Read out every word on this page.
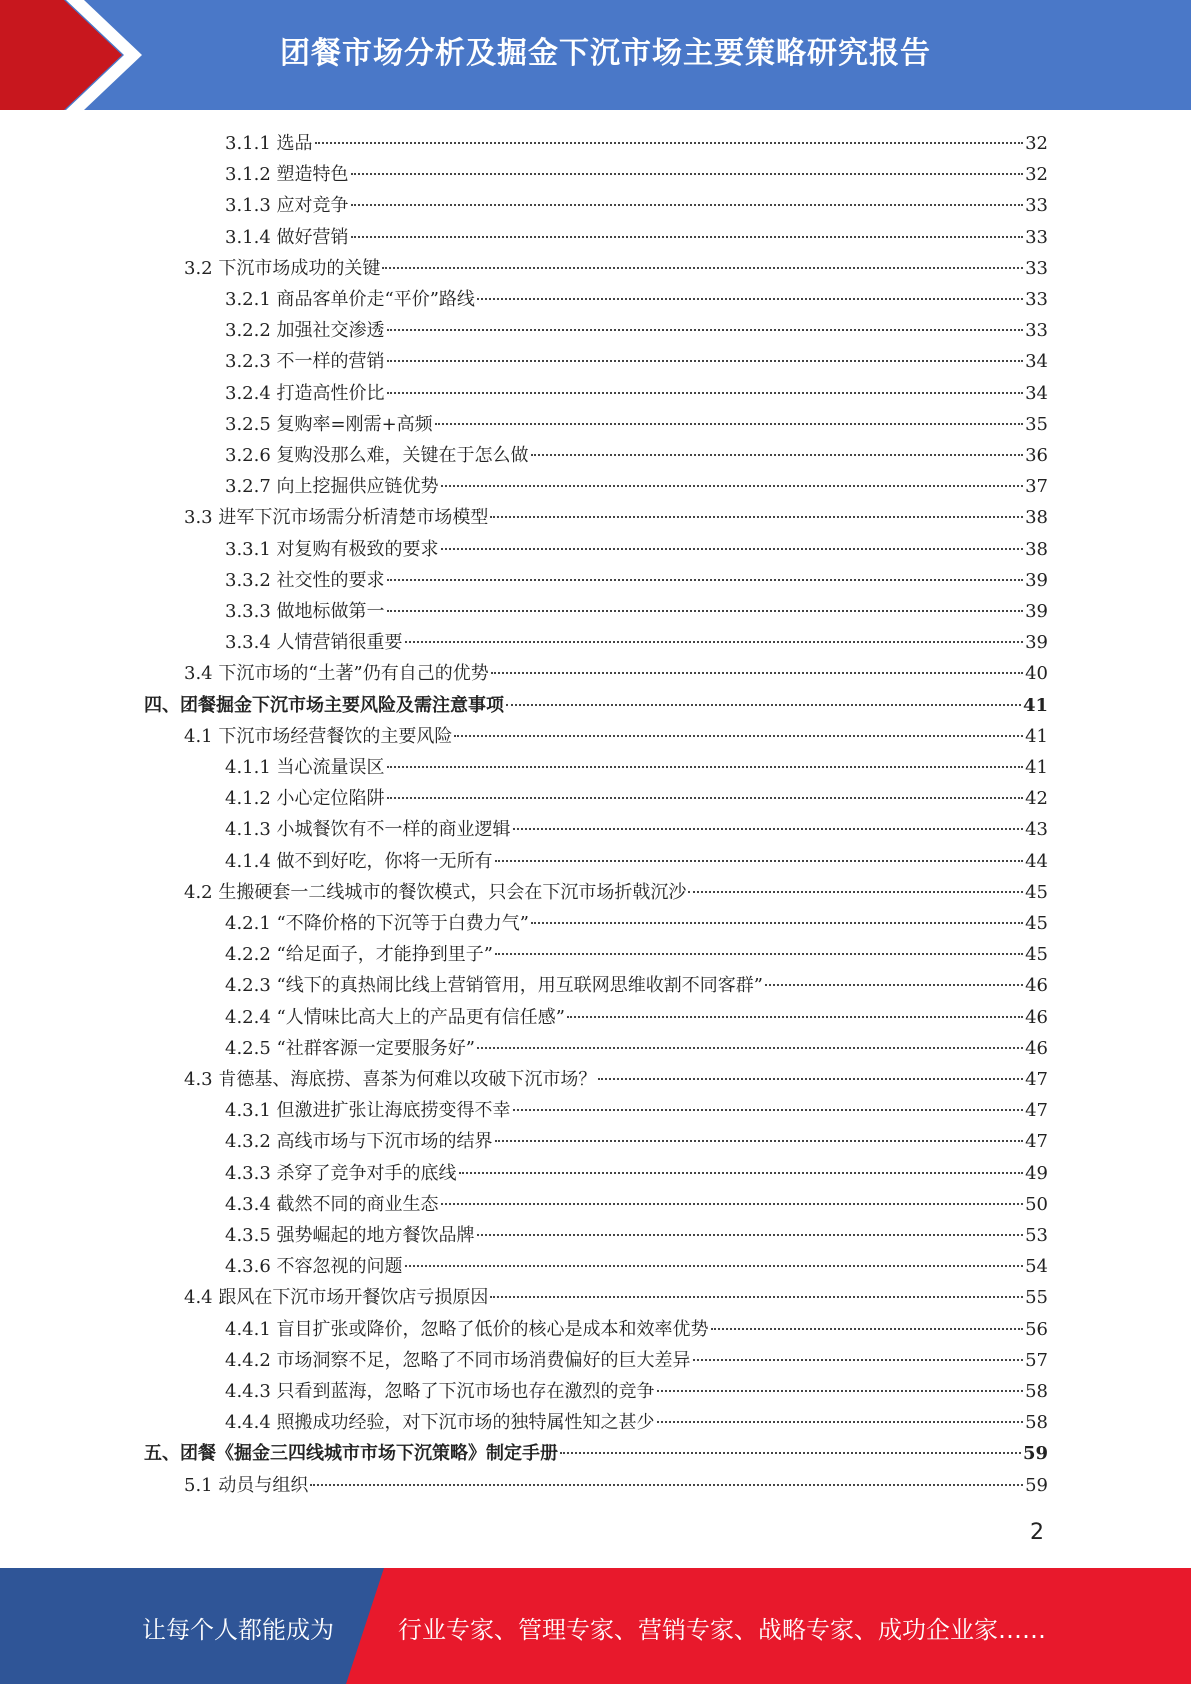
团餐市场分析及掘金下沉市场主要策略研究报告
3.1.1 选品	32
3.1.2 塑造特色	32
3.1.3 应对竞争	33
3.1.4 做好营销	33
3.2 下沉市场成功的关键	33
3.2.1 商品客单价走“平价”路线	33
3.2.2 加强社交渗透	33
3.2.3 不一样的营销	34
3.2.4 打造高性价比	34
3.2.5 复购率=刚需+高频	35
3.2.6 复购没那么难，关键在于怎么做	36
3.2.7 向上挖掘供应链优势	37
3.3 进军下沉市场需分析清楚市场模型	38
3.3.1 对复购有极致的要求	38
3.3.2 社交性的要求	39
3.3.3 做地标做第一	39
3.3.4 人情营销很重要	39
3.4 下沉市场的“土著”仍有自己的优势	40
四、团餐掘金下沉市场主要风险及需注意事项	41
4.1 下沉市场经营餐饮的主要风险	41
4.1.1 当心流量误区	41
4.1.2 小心定位陷阱	42
4.1.3 小城餐饮有不一样的商业逻辑	43
4.1.4 做不到好吃，你将一无所有	44
4.2 生搬硬套一二线城市的餐饮模式，只会在下沉市场折戟沉沙	45
4.2.1 “不降价格的下沉等于白费力气”	45
4.2.2 “给足面子，才能挣到里子”	45
4.2.3 “线下的真热闹比线上营销管用，用互联网思维收割不同客群”	46
4.2.4 “人情味比高大上的产品更有信任感”	46
4.2.5 “社群客源一定要服务好”	46
4.3 肯德基、海底捞、喜茶为何难以攻破下沉市场？	47
4.3.1 但激进扩张让海底捞变得不幸	47
4.3.2 高线市场与下沉市场的结界	47
4.3.3 杀穿了竞争对手的底线	49
4.3.4 截然不同的商业生态	50
4.3.5 强势崛起的地方餐饮品牌	53
4.3.6 不容忽视的问题	54
4.4 跟风在下沉市场开餐饮店亏损原因	55
4.4.1 盲目扩张或降价，忽略了低价的核心是成本和效率优势	56
4.4.2 市场洞察不足，忽略了不同市场消费偏好的巨大差异	57
4.4.3 只看到蓝海，忽略了下沉市场也存在激烈的竞争	58
4.4.4 照搬成功经验，对下沉市场的独特属性知之甚少	58
五、团餐《掘金三四线城市市场下沉策略》制定手册	59
5.1 动员与组织	59
2
让每个人都能成为	行业专家、管理专家、营销专家、战略专家、成功企业家……
